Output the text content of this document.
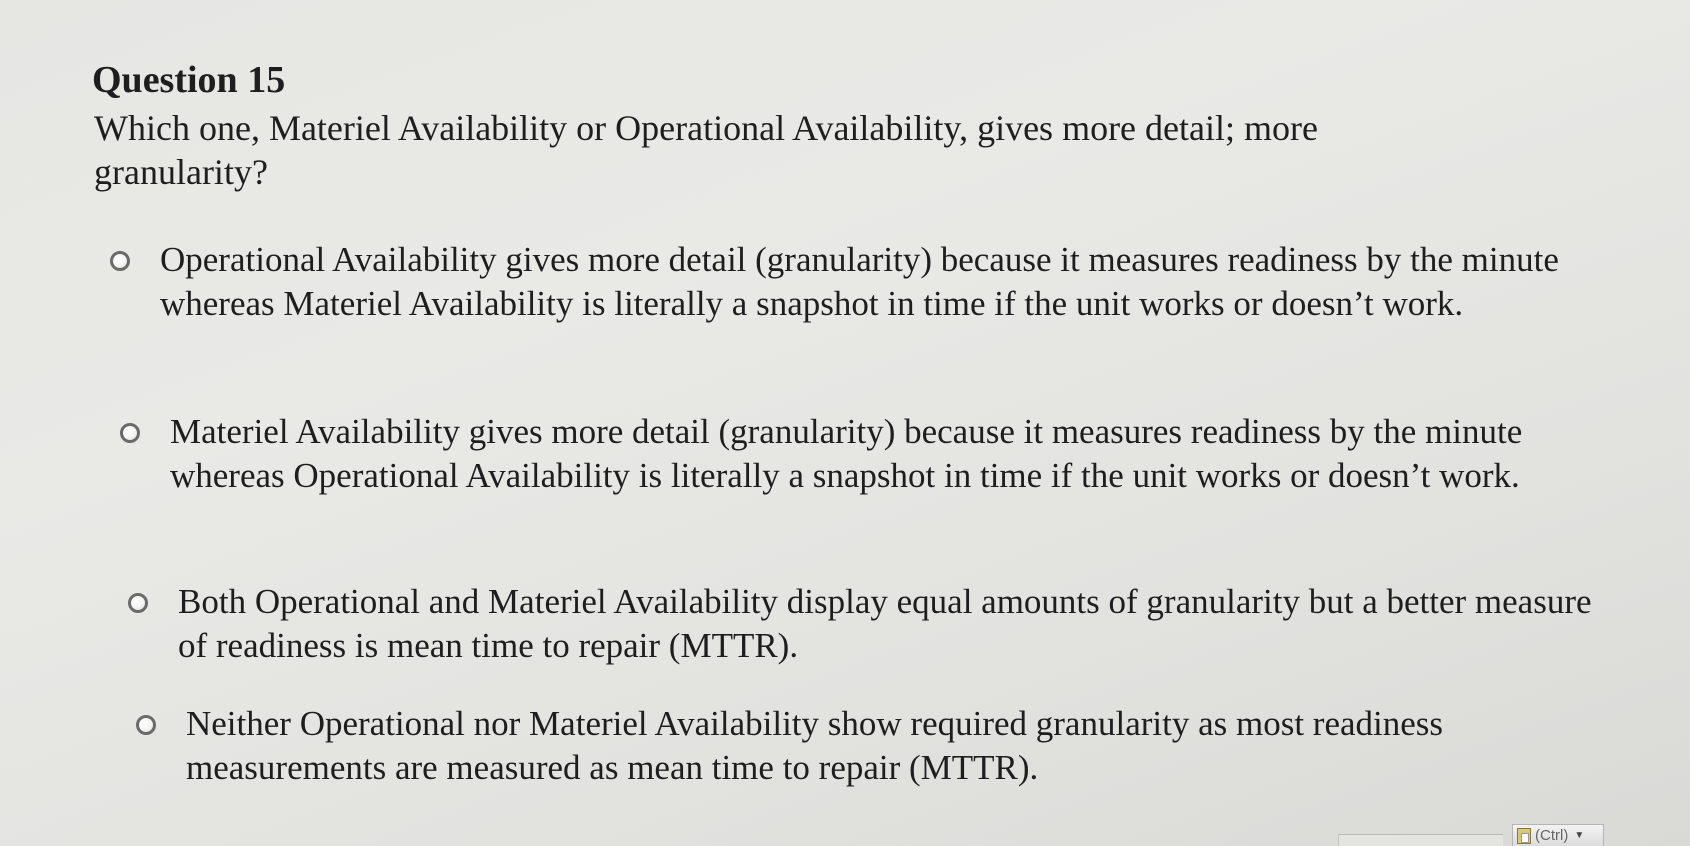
Question 15
Which one, Materiel Availability or Operational Availability, gives more detail; more granularity?
Operational Availability gives more detail (granularity) because it measures readiness by the minute whereas Materiel Availability is literally a snapshot in time if the unit works or doesn’t work.
Materiel Availability gives more detail (granularity) because it measures readiness by the minute whereas Operational Availability is literally a snapshot in time if the unit works or doesn’t work.
Both Operational and Materiel Availability display equal amounts of granularity but a better measure of readiness is mean time to repair (MTTR).
Neither Operational nor Materiel Availability show required granularity as most readiness measurements are measured as mean time to repair (MTTR).
(Ctrl) ▼
